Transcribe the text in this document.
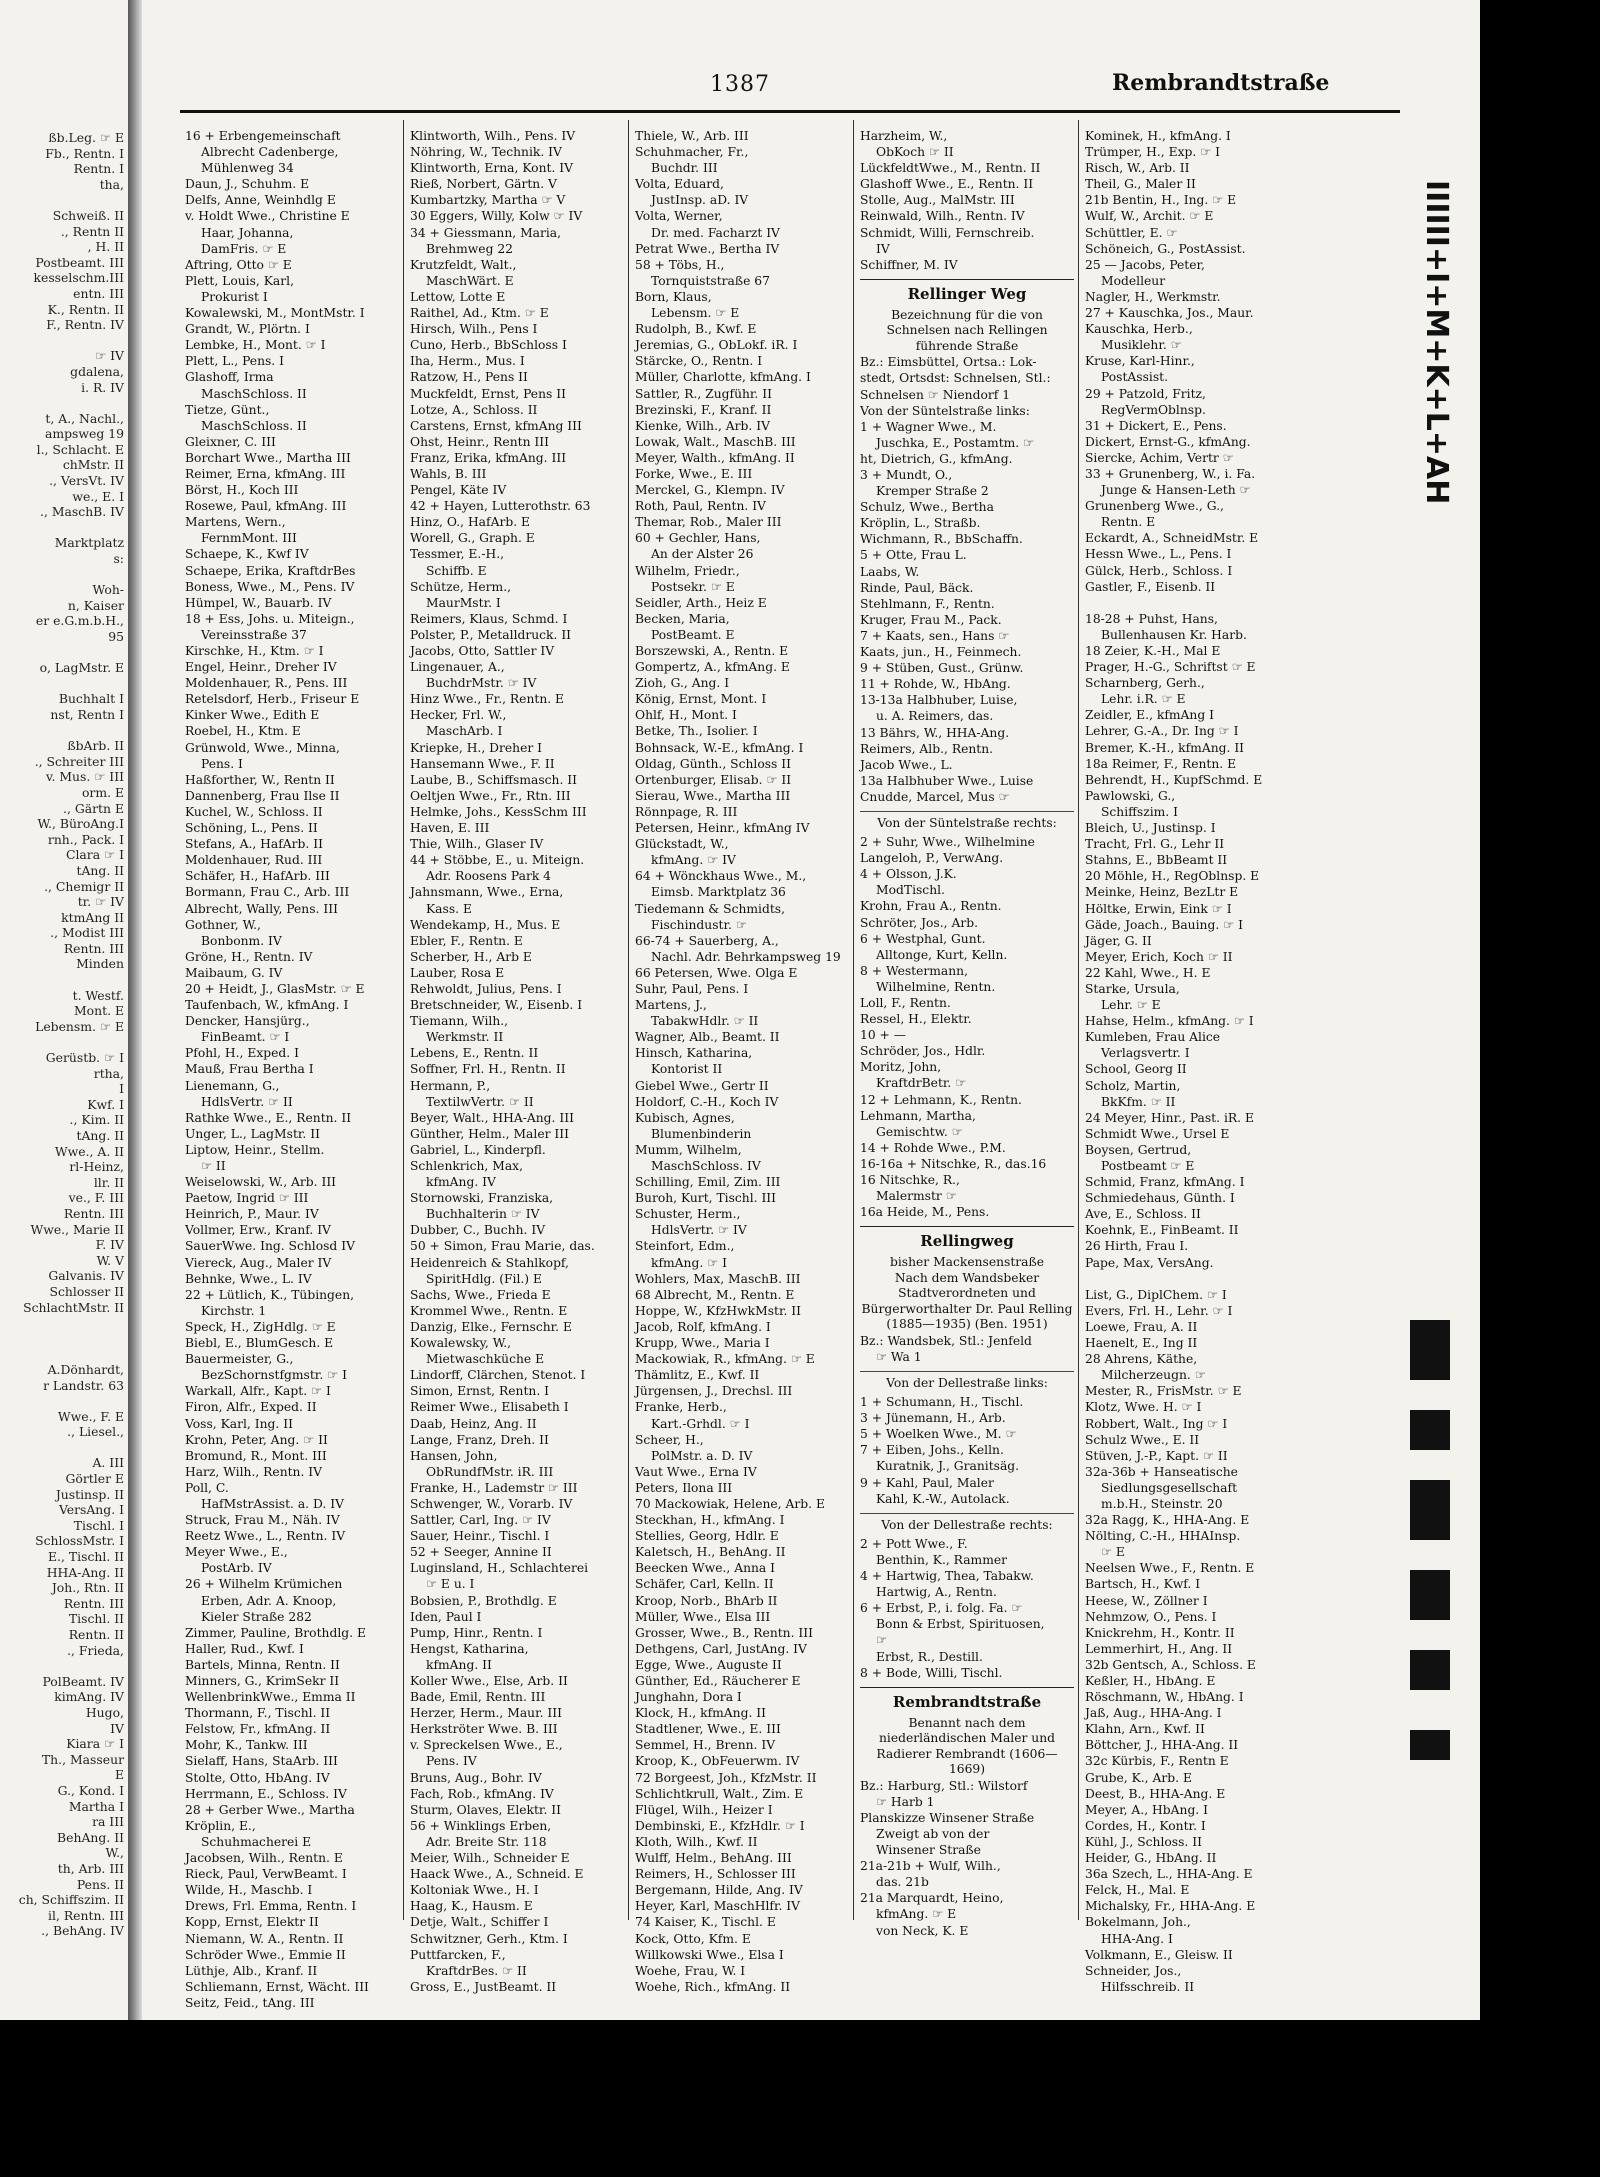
ßb.Leg. ☞ E
Fb., Rentn. I
Rentn. I
tha,

Schweiß. II
., Rentn II
, H. II
Postbeamt. III
kesselschm.III
entn. III
K., Rentn. II
F., Rentn. IV

☞ IV
gdalena,
i. R. IV

t, A., Nachl.,
ampsweg 19
l., Schlacht. E
chMstr. II
., VersVt. IV
we., E. I
., MaschB. IV

Marktplatz
s:

Woh-
n, Kaiser
er e.G.m.b.H.,
95

o, LagMstr. E

Buchhalt I
nst, Rentn I

ßbArb. II
., Schreiter III
v. Mus. ☞ III
orm. E
., Gärtn E
W., BüroAng.I
rnh., Pack. I
Clara ☞ I
tAng. II
., Chemigr II
tr. ☞ IV
ktmAng II
., Modist III
Rentn. III
Minden

t. Westf.
Mont. E
Lebensm. ☞ E

Gerüstb. ☞ I
rtha,
I
Kwf. I
., Kim. II
tAng. II
Wwe., A. II
rl-Heinz,
llr. II
ve., F. III
Rentn. III
Wwe., Marie II
F. IV
W. V
Galvanis. IV
Schlosser II
SchlachtMstr. II

A.Dönhardt,
r Landstr. 63

Wwe., F. E
., Liesel.,

A. III
Görtler E
Justinsp. II
VersAng. I
Tischl. I
SchlossMstr. I
E., Tischl. II
HHA-Ang. II
Joh., Rtn. II
Rentn. III
Tischl. II
Rentn. II
., Frieda,

PolBeamt. IV
kimAng. IV
Hugo,
IV
Kiara ☞ I
Th., Masseur
E
G., Kond. I
Martha I
ra III
BehAng. II
W.,
th, Arb. III
Pens. II
ch, Schiffszim. II
il, Rentn. III
., BehAng. IV
1387	Rembrandtstraße
16 + Erbengemeinschaft
Albrecht Cadenberge,
Mühlenweg 34
Daun, J., Schuhm. E
Delfs, Anne, Weinhdlg E
v. Holdt Wwe., Christine E
Haar, Johanna,
DamFris. ☞ E
Aftring, Otto ☞ E
Plett, Louis, Karl,
Prokurist I
Kowalewski, M., MontMstr. I
Grandt, W., Plörtn. I
Lembke, H., Mont. ☞ I
Plett, L., Pens. I
Glashoff, Irma
MaschSchloss. II
Tietze, Günt.,
MaschSchloss. II
Gleixner, C. III
Borchart Wwe., Martha III
Reimer, Erna, kfmAng. III
Börst, H., Koch III
Rosewe, Paul, kfmAng. III
Martens, Wern.,
FernmMont. III
Schaepe, K., Kwf IV
Schaepe, Erika, KraftdrBes
Boness, Wwe., M., Pens. IV
Hümpel, W., Bauarb. IV
18 + Ess, Johs. u. Miteign.,
Vereinsstraße 37
Kirschke, H., Ktm. ☞ I
Engel, Heinr., Dreher IV
Moldenhauer, R., Pens. III
Retelsdorf, Herb., Friseur E
Kinker Wwe., Edith E
Roebel, H., Ktm. E
Grünwold, Wwe., Minna,
Pens. I
Haßforther, W., Rentn II
Dannenberg, Frau Ilse II
Kuchel, W., Schloss. II
Schöning, L., Pens. II
Stefans, A., HafArb. II
Moldenhauer, Rud. III
Schäfer, H., HafArb. III
Bormann, Frau C., Arb. III
Albrecht, Wally, Pens. III
Gothner, W.,
Bonbonm. IV
Gröne, H., Rentn. IV
Maibaum, G. IV
20 + Heidt, J., GlasMstr. ☞ E
Taufenbach, W., kfmAng. I
Dencker, Hansjürg.,
FinBeamt. ☞ I
Pfohl, H., Exped. I
Mauß, Frau Bertha I
Lienemann, G.,
HdlsVertr. ☞ II
Rathke Wwe., E., Rentn. II
Unger, L., LagMstr. II
Liptow, Heinr., Stellm.
☞ II
Weiselowski, W., Arb. III
Paetow, Ingrid ☞ III
Heinrich, P., Maur. IV
Vollmer, Erw., Kranf. IV
SauerWwe. Ing. Schlosd IV
Viereck, Aug., Maler IV
Behnke, Wwe., L. IV
22 + Lütlich, K., Tübingen,
Kirchstr. 1
Speck, H., ZigHdlg. ☞ E
Biebl, E., BlumGesch. E
Bauermeister, G.,
BezSchornstfgmstr. ☞ I
Warkall, Alfr., Kapt. ☞ I
Firon, Alfr., Exped. II
Voss, Karl, Ing. II
Krohn, Peter, Ang. ☞ II
Bromund, R., Mont. III
Harz, Wilh., Rentn. IV
Poll, C.
HafMstrAssist. a. D. IV
Struck, Frau M., Näh. IV
Reetz Wwe., L., Rentn. IV
Meyer Wwe., E.,
PostArb. IV
26 + Wilhelm Krümichen
Erben, Adr. A. Knoop,
Kieler Straße 282
Zimmer, Pauline, Brothdlg. E
Haller, Rud., Kwf. I
Bartels, Minna, Rentn. II
Minners, G., KrimSekr II
WellenbrinkWwe., Emma II
Thormann, F., Tischl. II
Felstow, Fr., kfmAng. II
Mohr, K., Tankw. III
Sielaff, Hans, StaArb. III
Stolte, Otto, HbAng. IV
Herrmann, E., Schloss. IV
28 + Gerber Wwe., Martha
Kröplin, E.,
Schuhmacherei E
Jacobsen, Wilh., Rentn. E
Rieck, Paul, VerwBeamt. I
Wilde, H., Maschb. I
Drews, Frl. Emma, Rentn. I
Kopp, Ernst, Elektr II
Niemann, W. A., Rentn. II
Schröder Wwe., Emmie II
Lüthje, Alb., Kranf. II
Schliemann, Ernst, Wächt. III
Seitz, Feid., tAng. III
Klintworth, Wilh., Pens. IV
Nöhring, W., Technik. IV
Klintworth, Erna, Kont. IV
Rieß, Norbert, Gärtn. V
Kumbartzky, Martha ☞ V
30 Eggers, Willy, Kolw ☞ IV
34 + Giessmann, Maria,
Brehmweg 22
Krutzfeldt, Walt.,
MaschWärt. E
Lettow, Lotte E
Raithel, Ad., Ktm. ☞ E
Hirsch, Wilh., Pens I
Cuno, Herb., BbSchloss I
Iha, Herm., Mus. I
Ratzow, H., Pens II
Muckfeldt, Ernst, Pens II
Lotze, A., Schloss. II
Carstens, Ernst, kfmAng III
Ohst, Heinr., Rentn III
Franz, Erika, kfmAng. III
Wahls, B. III
Pengel, Käte IV
42 + Hayen, Lutterothstr. 63
Hinz, O., HafArb. E
Worell, G., Graph. E
Tessmer, E.-H.,
Schiffb. E
Schütze, Herm.,
MaurMstr. I
Reimers, Klaus, Schmd. I
Polster, P., Metalldruck. II
Jacobs, Otto, Sattler IV
Lingenauer, A.,
BuchdrMstr. ☞ IV
Hinz Wwe., Fr., Rentn. E
Hecker, Frl. W.,
MaschArb. I
Kriepke, H., Dreher I
Hansemann Wwe., F. II
Laube, B., Schiffsmasch. II
Oeltjen Wwe., Fr., Rtn. III
Helmke, Johs., KessSchm III
Haven, E. III
Thie, Wilh., Glaser IV
44 + Stöbbe, E., u. Miteign.
Adr. Roosens Park 4
Jahnsmann, Wwe., Erna,
Kass. E
Wendekamp, H., Mus. E
Ebler, F., Rentn. E
Scherber, H., Arb E
Lauber, Rosa E
Rehwoldt, Julius, Pens. I
Bretschneider, W., Eisenb. I
Tiemann, Wilh.,
Werkmstr. II
Lebens, E., Rentn. II
Soffner, Frl. H., Rentn. II
Hermann, P.,
TextilwVertr. ☞ II
Beyer, Walt., HHA-Ang. III
Günther, Helm., Maler III
Gabriel, L., Kinderpfl.
Schlenkrich, Max,
kfmAng. IV
Stornowski, Franziska,
Buchhalterin ☞ IV
Dubber, C., Buchh. IV
50 + Simon, Frau Marie, das.
Heidenreich & Stahlkopf,
SpiritHdlg. (Fil.) E
Sachs, Wwe., Frieda E
Krommel Wwe., Rentn. E
Danzig, Elke., Fernschr. E
Kowalewsky, W.,
Mietwaschküche E
Lindorff, Clärchen, Stenot. I
Simon, Ernst, Rentn. I
Reimer Wwe., Elisabeth I
Daab, Heinz, Ang. II
Lange, Franz, Dreh. II
Hansen, John,
ObRundfMstr. iR. III
Franke, H., Lademstr ☞ III
Schwenger, W., Vorarb. IV
Sattler, Carl, Ing. ☞ IV
Sauer, Heinr., Tischl. I
52 + Seeger, Annine II
Luginsland, H., Schlachterei
☞ E u. I
Bobsien, P., Brothdlg. E
Iden, Paul I
Pump, Hinr., Rentn. I
Hengst, Katharina,
kfmAng. II
Koller Wwe., Else, Arb. II
Bade, Emil, Rentn. III
Herzer, Herm., Maur. III
Herkströter Wwe. B. III
v. Spreckelsen Wwe., E.,
Pens. IV
Bruns, Aug., Bohr. IV
Fach, Rob., kfmAng. IV
Sturm, Olaves, Elektr. II
56 + Winklings Erben,
Adr. Breite Str. 118
Meier, Wilh., Schneider E
Haack Wwe., A., Schneid. E
Koltoniak Wwe., H. I
Haag, K., Hausm. E
Detje, Walt., Schiffer I
Schwitzner, Gerh., Ktm. I
Puttfarcken, F.,
KraftdrBes. ☞ II
Gross, E., JustBeamt. II
Thiele, W., Arb. III
Schuhmacher, Fr.,
Buchdr. III
Volta, Eduard,
JustInsp. aD. IV
Volta, Werner,
Dr. med. Facharzt IV
Petrat Wwe., Bertha IV
58 + Töbs, H.,
Tornquiststraße 67
Born, Klaus,
Lebensm. ☞ E
Rudolph, B., Kwf. E
Jeremias, G., ObLokf. iR. I
Stärcke, O., Rentn. I
Müller, Charlotte, kfmAng. I
Sattler, R., Zugführ. II
Brezinski, F., Kranf. II
Kienke, Wilh., Arb. IV
Lowak, Walt., MaschB. III
Meyer, Walth., kfmAng. II
Forke, Wwe., E. III
Merckel, G., Klempn. IV
Roth, Paul, Rentn. IV
Themar, Rob., Maler III
60 + Gechler, Hans,
An der Alster 26
Wilhelm, Friedr.,
Postsekr. ☞ E
Seidler, Arth., Heiz E
Becken, Maria,
PostBeamt. E
Borszewski, A., Rentn. E
Gompertz, A., kfmAng. E
Zioh, G., Ang. I
König, Ernst, Mont. I
Ohlf, H., Mont. I
Betke, Th., Isolier. I
Bohnsack, W.-E., kfmAng. I
Oldag, Günth., Schloss II
Ortenburger, Elisab. ☞ II
Sierau, Wwe., Martha III
Rönnpage, R. III
Petersen, Heinr., kfmAng IV
Glückstadt, W.,
kfmAng. ☞ IV
64 + Wönckhaus Wwe., M.,
Eimsb. Marktplatz 36
Tiedemann & Schmidts,
Fischindustr. ☞
66-74 + Sauerberg, A.,
Nachl. Adr. Behrkampsweg 19
66 Petersen, Wwe. Olga E
Suhr, Paul, Pens. I
Martens, J.,
TabakwHdlr. ☞ II
Wagner, Alb., Beamt. II
Hinsch, Katharina,
Kontorist II
Giebel Wwe., Gertr II
Holdorf, C.-H., Koch IV
Kubisch, Agnes,
Blumenbinderin
Mumm, Wilhelm,
MaschSchloss. IV
Schilling, Emil, Zim. III
Buroh, Kurt, Tischl. III
Schuster, Herm.,
HdlsVertr. ☞ IV
Steinfort, Edm.,
kfmAng. ☞ I
Wohlers, Max, MaschB. III
68 Albrecht, M., Rentn. E
Hoppe, W., KfzHwkMstr. II
Jacob, Rolf, kfmAng. I
Krupp, Wwe., Maria I
Mackowiak, R., kfmAng. ☞ E
Thämlitz, E., Kwf. II
Jürgensen, J., Drechsl. III
Franke, Herb.,
Kart.-Grhdl. ☞ I
Scheer, H.,
PolMstr. a. D. IV
Vaut Wwe., Erna IV
Peters, Ilona III
70 Mackowiak, Helene, Arb. E
Steckhan, H., kfmAng. I
Stellies, Georg, Hdlr. E
Kaletsch, H., BehAng. II
Beecken Wwe., Anna I
Schäfer, Carl, Kelln. II
Kroop, Norb., BhArb II
Müller, Wwe., Elsa III
Grosser, Wwe., B., Rentn. III
Dethgens, Carl, JustAng. IV
Egge, Wwe., Auguste II
Günther, Ed., Räucherer E
Junghahn, Dora I
Klock, H., kfmAng. II
Stadtlener, Wwe., E. III
Semmel, H., Brenn. IV
Kroop, K., ObFeuerwm. IV
72 Borgeest, Joh., KfzMstr. II
Schlichtkrull, Walt., Zim. E
Flügel, Wilh., Heizer I
Dembinski, E., KfzHdlr. ☞ I
Kloth, Wilh., Kwf. II
Wulff, Helm., BehAng. III
Reimers, H., Schlosser III
Bergemann, Hilde, Ang. IV
Heyer, Karl, MaschHlfr. IV
74 Kaiser, K., Tischl. E
Kock, Otto, Kfm. E
Willkowski Wwe., Elsa I
Woehe, Frau, W. I
Woehe, Rich., kfmAng. II
Harzheim, W.,
ObKoch ☞ II
LückfeldtWwe., M., Rentn. II
Glashoff Wwe., E., Rentn. II
Stolle, Aug., MalMstr. III
Reinwald, Wilh., Rentn. IV
Schmidt, Willi, Fernschreib.
IV
Schiffner, M. IV
Rellinger Weg
Bezeichnung für die von Schnelsen nach Rellingen führende Straße
Bz.: Eimsbüttel, Ortsa.: Lok-
stedt, Ortsdst: Schnelsen, Stl.:
Schnelsen ☞ Niendorf 1
Von der Süntelstraße links:
1 + Wagner Wwe., M.
Juschka, E., Postamtm. ☞
ht, Dietrich, G., kfmAng.
3 + Mundt, O.,
Kremper Straße 2
Schulz, Wwe., Bertha
Kröplin, L., Straßb.
Wichmann, R., BbSchaffn.
5 + Otte, Frau L.
Laabs, W.
Rinde, Paul, Bäck.
Stehlmann, F., Rentn.
Kruger, Frau M., Pack.
7 + Kaats, sen., Hans ☞
Kaats, jun., H., Feinmech.
9 + Stüben, Gust., Grünw.
11 + Rohde, W., HbAng.
13-13a Halbhuber, Luise,
u. A. Reimers, das.
13 Bährs, W., HHA-Ang.
Reimers, Alb., Rentn.
Jacob Wwe., L.
13a Halbhuber Wwe., Luise
Cnudde, Marcel, Mus ☞
Von der Süntelstraße rechts:
2 + Suhr, Wwe., Wilhelmine
Langeloh, P., VerwAng.
4 + Olsson, J.K.
ModTischl.
Krohn, Frau A., Rentn.
Schröter, Jos., Arb.
6 + Westphal, Gunt.
Alltonge, Kurt, Kelln.
8 + Westermann,
Wilhelmine, Rentn.
Loll, F., Rentn.
Ressel, H., Elektr.
10 + —
Schröder, Jos., Hdlr.
Moritz, John,
KraftdrBetr. ☞
12 + Lehmann, K., Rentn.
Lehmann, Martha,
Gemischtw. ☞
14 + Rohde Wwe., P.M.
16-16a + Nitschke, R., das.16
16 Nitschke, R.,
Malermstr ☞
16a Heide, M., Pens.
Rellingweg
bisher Mackensenstraße
Nach dem Wandsbeker Stadtverordneten und Bürgerworthalter Dr. Paul Relling (1885—1935) (Ben. 1951)
Bz.: Wandsbek, Stl.: Jenfeld
☞ Wa 1
Von der Dellestraße links:
1 + Schumann, H., Tischl.
3 + Jünemann, H., Arb.
5 + Woelken Wwe., M. ☞
7 + Eiben, Johs., Kelln.
Kuratnik, J., Granitsäg.
9 + Kahl, Paul, Maler
Kahl, K.-W., Autolack.
Von der Dellestraße rechts:
2 + Pott Wwe., F.
Benthin, K., Rammer
4 + Hartwig, Thea, Tabakw.
Hartwig, A., Rentn.
6 + Erbst, P., i. folg. Fa. ☞
Bonn & Erbst, Spirituosen,
☞
Erbst, R., Destill.
8 + Bode, Willi, Tischl.
Rembrandtstraße
Benannt nach dem niederländischen Maler und Radierer Rembrandt (1606—1669)
Bz.: Harburg, Stl.: Wilstorf
☞ Harb 1
Planskizze Winsener Straße
Zweigt ab von der
Winsener Straße
21a-21b + Wulf, Wilh.,
das. 21b
21a Marquardt, Heino,
kfmAng. ☞ E
von Neck, K. E
Kominek, H., kfmAng. I
Trümper, H., Exp. ☞ I
Risch, W., Arb. II
Theil, G., Maler II
21b Bentin, H., Ing. ☞ E
Wulf, W., Archit. ☞ E
Schüttler, E. ☞
Schöneich, G., PostAssist.
25 — Jacobs, Peter,
Modelleur
Nagler, H., Werkmstr.
27 + Kauschka, Jos., Maur.
Kauschka, Herb.,
Musiklehr. ☞
Kruse, Karl-Hinr.,
PostAssist.
29 + Patzold, Fritz,
RegVermOblnsp.
31 + Dickert, E., Pens.
Dickert, Ernst-G., kfmAng.
Siercke, Achim, Vertr ☞
33 + Grunenberg, W., i. Fa.
Junge & Hansen-Leth ☞
Grunenberg Wwe., G.,
Rentn. E
Eckardt, A., SchneidMstr. E
Hessn Wwe., L., Pens. I
Gülck, Herb., Schloss. I
Gastler, F., Eisenb. II

18-28 + Puhst, Hans,
Bullenhausen Kr. Harb.
18 Zeier, K.-H., Mal E
Prager, H.-G., Schriftst ☞ E
Scharnberg, Gerh.,
Lehr. i.R. ☞ E
Zeidler, E., kfmAng I
Lehrer, G.-A., Dr. Ing ☞ I
Bremer, K.-H., kfmAng. II
18a Reimer, F., Rentn. E
Behrendt, H., KupfSchmd. E
Pawlowski, G.,
Schiffszim. I
Bleich, U., Justinsp. I
Tracht, Frl. G., Lehr II
Stahns, E., BbBeamt II
20 Möhle, H., RegOblnsp. E
Meinke, Heinz, BezLtr E
Höltke, Erwin, Eink ☞ I
Gäde, Joach., Bauing. ☞ I
Jäger, G. II
Meyer, Erich, Koch ☞ II
22 Kahl, Wwe., H. E
Starke, Ursula,
Lehr. ☞ E
Hahse, Helm., kfmAng. ☞ I
Kumleben, Frau Alice
Verlagsvertr. I
School, Georg II
Scholz, Martin,
BkKfm. ☞ II
24 Meyer, Hinr., Past. iR. E
Schmidt Wwe., Ursel E
Boysen, Gertrud,
Postbeamt ☞ E
Schmid, Franz, kfmAng. I
Schmiedehaus, Günth. I
Ave, E., Schloss. II
Koehnk, E., FinBeamt. II
26 Hirth, Frau I.
Pape, Max, VersAng.

List, G., DiplChem. ☞ I
Evers, Frl. H., Lehr. ☞ I
Loewe, Frau, A. II
Haenelt, E., Ing II
28 Ahrens, Käthe,
Milcherzeugn. ☞
Mester, R., FrisMstr. ☞ E
Klotz, Wwe. H. ☞ I
Robbert, Walt., Ing ☞ I
Schulz Wwe., E. II
Stüven, J.-P., Kapt. ☞ II
32a-36b + Hanseatische
Siedlungsgesellschaft
m.b.H., Steinstr. 20
32a Ragg, K., HHA-Ang. E
Nölting, C.-H., HHAInsp.
☞ E
Neelsen Wwe., F., Rentn. E
Bartsch, H., Kwf. I
Heese, W., Zöllner I
Nehmzow, O., Pens. I
Knickrehm, H., Kontr. II
Lemmerhirt, H., Ang. II
32b Gentsch, A., Schloss. E
Keßler, H., HbAng. E
Röschmann, W., HbAng. I
Jaß, Aug., HHA-Ang. I
Klahn, Arn., Kwf. II
Böttcher, J., HHA-Ang. II
32c Kürbis, F., Rentn E
Grube, K., Arb. E
Deest, B., HHA-Ang. E
Meyer, A., HbAng. I
Cordes, H., Kontr. I
Kühl, J., Schloss. II
Heider, G., HbAng. II
36a Szech, L., HHA-Ang. E
Felck, H., Mal. E
Michalsky, Fr., HHA-Ang. E
Bokelmann, Joh.,
HHA-Ang. I
Volkmann, E., Gleisw. II
Schneider, Jos.,
Hilfsschreib. II
IIIIII+I+M+K+L+AH
